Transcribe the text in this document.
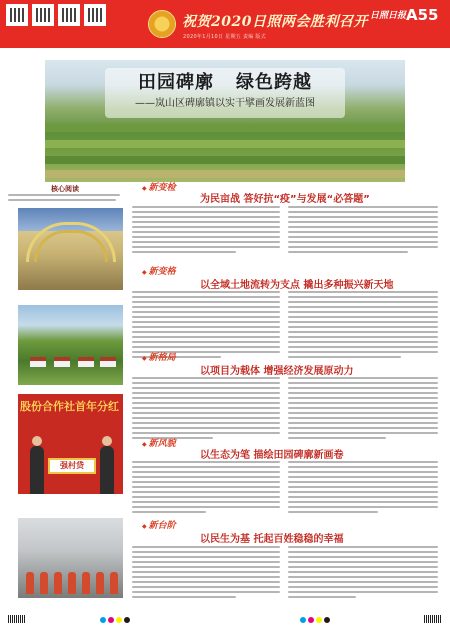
祝贺2020日照两会胜利召开
2020年1月10日 星期五 责编 版式
日照日报 A55
田园碑廓 绿色跨越
——岚山区碑廓镇以实干擘画发展新蓝图
核心阅读
股份合作社首年分红
强村贷
◆ 新变检
为民亩战 答好抗“疫”与发展“必答题”
◆ 新变格
以全域土地流转为支点 撬出多种振兴新天地
◆ 新格局
以项目为载体 增强经济发展原动力
◆ 新风貌
以生态为笔 描绘田园碑廓新画卷
◆ 新台阶
以民生为基 托起百姓稳稳的幸福
